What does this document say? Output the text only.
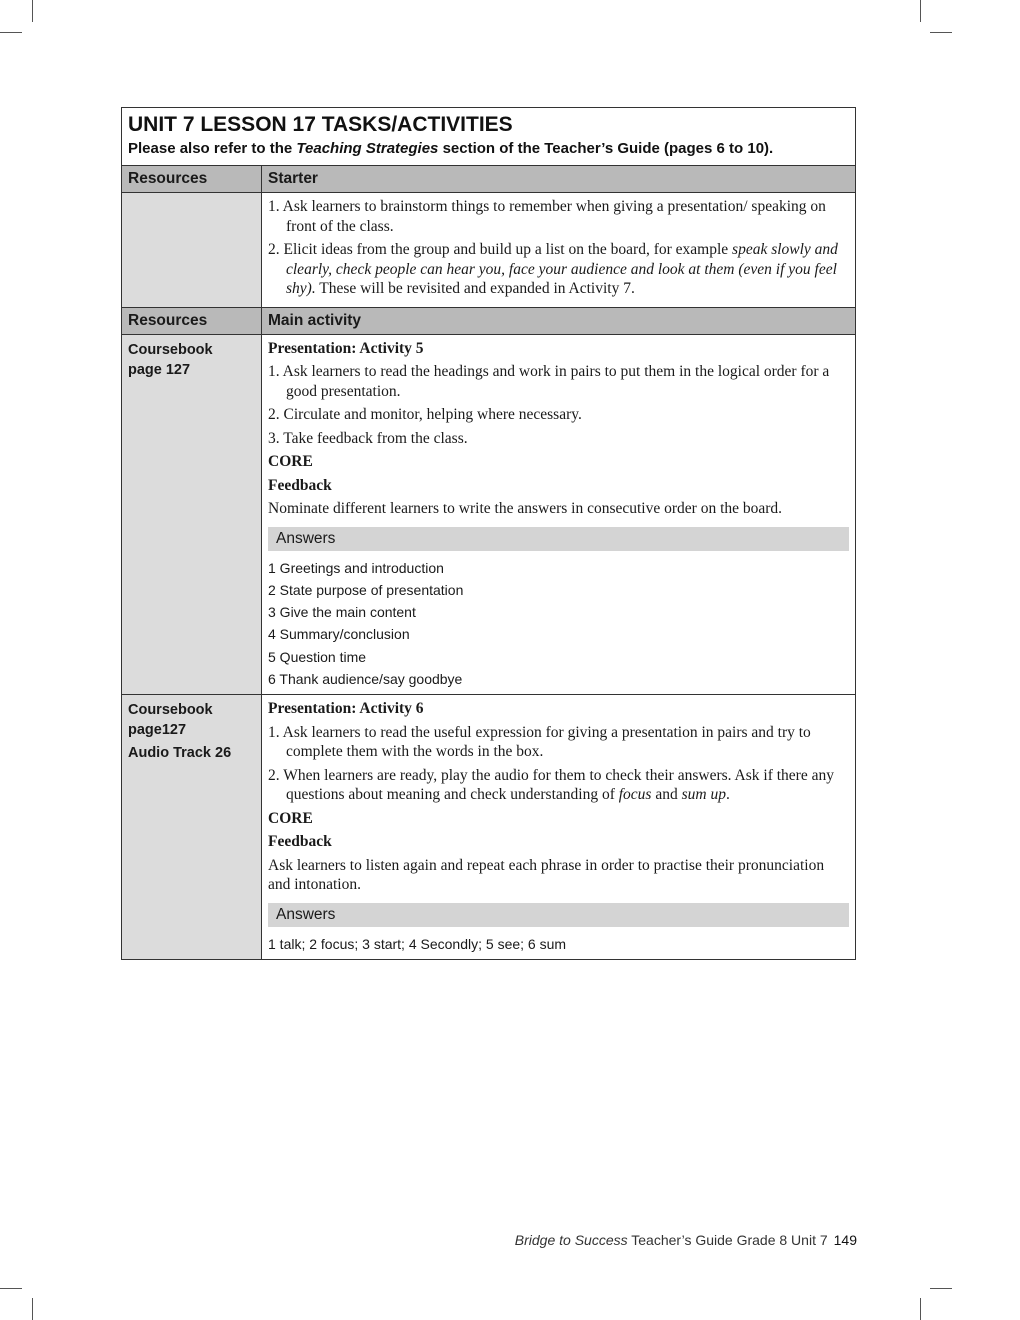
UNIT 7 LESSON 17 TASKS/ACTIVITIES
Please also refer to the Teaching Strategies section of the Teacher’s Guide (pages 6 to 10).
Resources	Starter
1. Ask learners to brainstorm things to remember when giving a presentation/ speaking on front of the class.
2. Elicit ideas from the group and build up a list on the board, for example speak slowly and clearly, check people can hear you, face your audience and look at them (even if you feel shy). These will be revisited and expanded in Activity 7.
Resources	Main activity
Coursebook
page 127
Presentation: Activity 5
1. Ask learners to read the headings and work in pairs to put them in the logical order for a good presentation.
2. Circulate and monitor, helping where necessary.
3. Take feedback from the class.
CORE
Feedback
Nominate different learners to write the answers in consecutive order on the board.
Answers
1 Greetings and introduction
2 State purpose of presentation
3 Give the main content
4 Summary/conclusion
5 Question time
6 Thank audience/say goodbye
Coursebook
page127
Audio Track 26
Presentation: Activity 6
1. Ask learners to read the useful expression for giving a presentation in pairs and try to complete them with the words in the box.
2. When learners are ready, play the audio for them to check their answers. Ask if there any questions about meaning and check understanding of focus and sum up.
CORE
Feedback
Ask learners to listen again and repeat each phrase in order to practise their pronunciation and intonation.
Answers
1 talk; 2 focus; 3 start; 4 Secondly; 5 see; 6 sum
Bridge to Success Teacher’s Guide Grade 8 Unit 7 149
